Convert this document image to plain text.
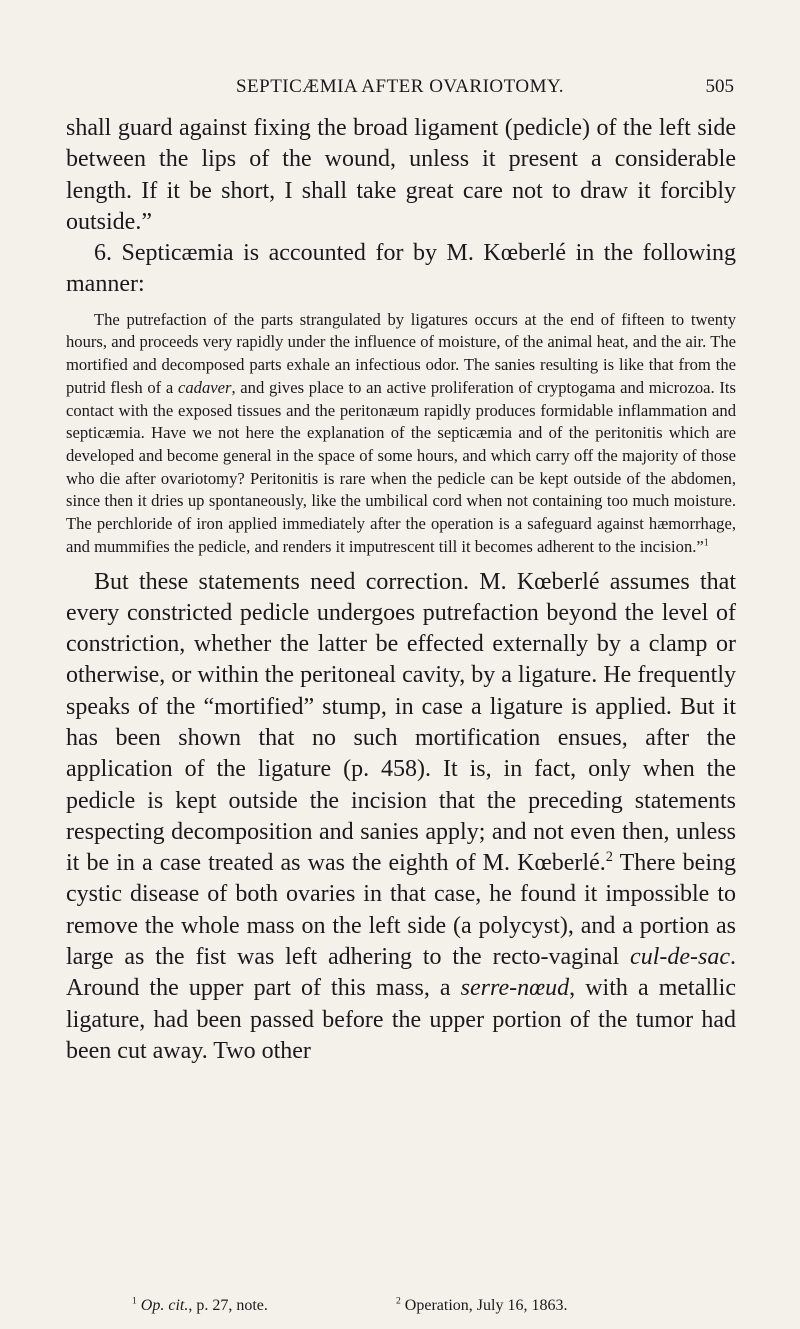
SEPTICÆMIA AFTER OVARIOTOMY.	505

shall guard against fixing the broad ligament (pedicle) of the left side between the lips of the wound, unless it present a considerable length. If it be short, I shall take great care not to draw it forcibly outside.”

6. Septicæmia is accounted for by M. Kœberlé in the following manner:

The putrefaction of the parts strangulated by ligatures occurs at the end of fifteen to twenty hours, and proceeds very rapidly under the influence of moisture, of the animal heat, and the air. The mortified and decomposed parts exhale an infectious odor. The sanies resulting is like that from the putrid flesh of a cadaver, and gives place to an active proliferation of cryptogama and microzoa. Its contact with the exposed tissues and the peritonæum rapidly produces formidable inflammation and septicæmia. Have we not here the explanation of the septicæmia and of the peritonitis which are developed and become general in the space of some hours, and which carry off the majority of those who die after ovariotomy? Peritonitis is rare when the pedicle can be kept outside of the abdomen, since then it dries up spontaneously, like the umbilical cord when not containing too much moisture. The perchloride of iron applied immediately after the operation is a safeguard against hæmorrhage, and mummifies the pedicle, and renders it imputrescent till it becomes adherent to the incision.”$^1$

But these statements need correction. M. Kœberlé assumes that every constricted pedicle undergoes putrefaction beyond the level of constriction, whether the latter be effected externally by a clamp or otherwise, or within the peritoneal cavity, by a ligature. He frequently speaks of the “mortified” stump, in case a ligature is applied. But it has been shown that no such mortification ensues, after the application of the ligature (p. 458). It is, in fact, only when the pedicle is kept outside the incision that the preceding statements respecting decomposition and sanies apply; and not even then, unless it be in a case treated as was the eighth of M. Kœberlé.$^2$ There being cystic disease of both ovaries in that case, he found it impossible to remove the whole mass on the left side (a polycyst), and a portion as large as the fist was left adhering to the recto-vaginal cul-de-sac. Around the upper part of this mass, a serre-nœud, with a metallic ligature, had been passed before the upper portion of the tumor had been cut away. Two other

$^1$ Op. cit., p. 27, note.	$^2$ Operation, July 16, 1863.
